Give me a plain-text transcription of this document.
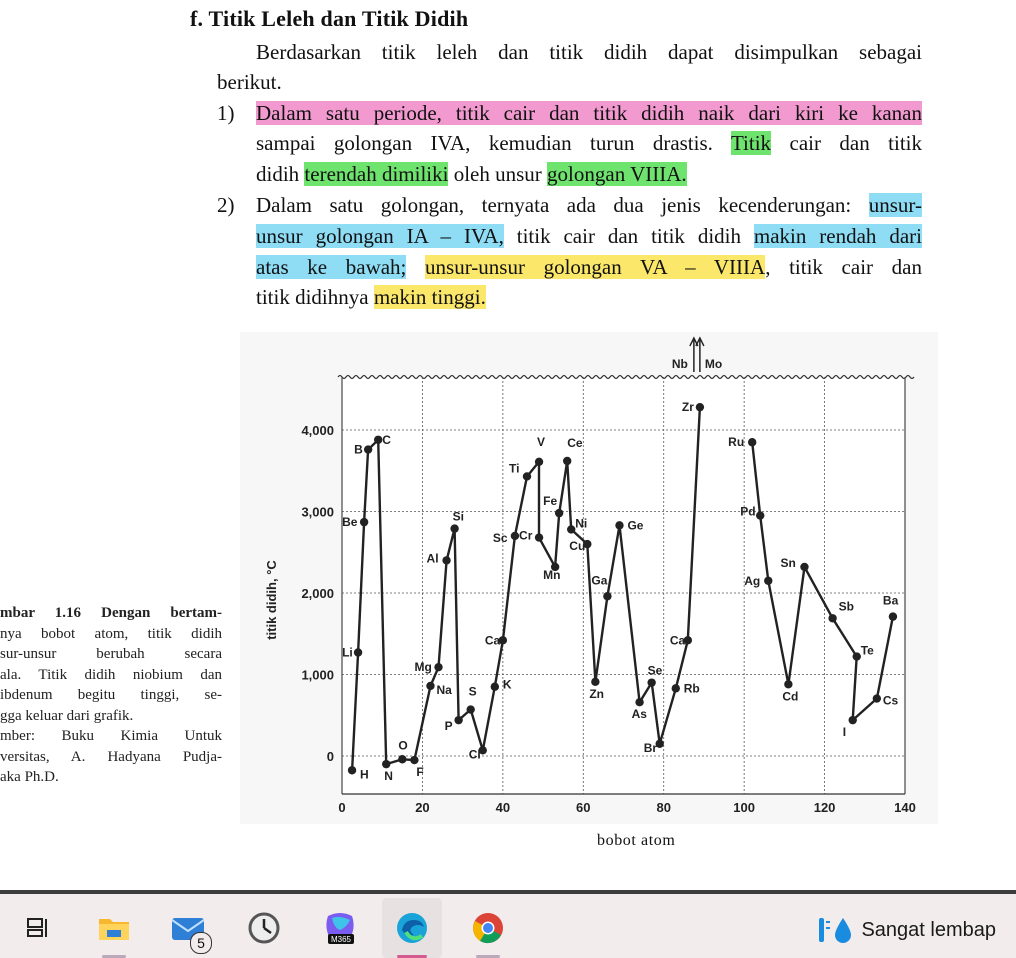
f. Titik Leleh dan Titik Didih
Berdasarkan titik leleh dan titik didih dapat disimpulkan sebagai
berikut.
1) Dalam satu periode, titik cair dan titik didih naik dari kiri ke kanan
sampai golongan IVA, kemudian turun drastis. Titik cair dan titik
didih terendah dimiliki oleh unsur golongan VIIIA.
2) Dalam satu golongan, ternyata ada dua jenis kecenderungan: unsur-
unsur golongan IA – IVA, titik cair dan titik didih makin rendah dari
atas ke bawah; unsur-unsur golongan VA – VIIIA, titik cair dan
titik didihnya makin tinggi.
mbar 1.16 Dengan bertam-
nya bobot atom, titik didih
sur-unsur berubah secara
ala. Titik didih niobium dan
ibdenum begitu tinggi, se-
gga keluar dari grafik.
mber: Buku Kimia Untuk
versitas, A. Hadyana Pudja-
aka Ph.D.
0	20	40	60	80	100	120	140
0
1,000
2,000
3,000
4,000
titik didih, °C
Nb Mo
H
Li
Be
B
C
N
O
F
Na
Mg
Al
Si
P
S
Cl
K
Ca
Sc
Ti
V
Cr
Mn
Fe
Ce
Ni
Cu
Zn
Ga
Ge
As
Se
Br
Rb
Ca
Zr
Ru
Pd
Ag
Cd
Sn
Sb
Te
I
Cs
Ba
bobot atom
5	M365	Sangat lembap
